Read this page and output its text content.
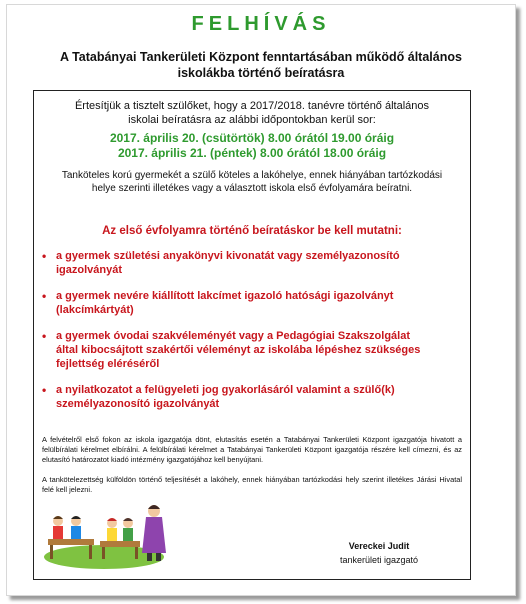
FELHÍVÁS
A Tatabányai Tankerületi Központ fenntartásában működő általános
iskolákba történő beíratásra
Értesítjük a tisztelt szülőket, hogy a 2017/2018. tanévre történő általános
iskolai beíratásra az alábbi időpontokban kerül sor:
2017. április 20. (csütörtök) 8.00 órától 19.00 óráig
2017. április 21. (péntek) 8.00 órától 18.00 óráig
Tanköteles korú gyermekét a szülő köteles a lakóhelye, ennek hiányában tartózkodási
helye szerinti illetékes vagy a választott iskola első évfolyamára beíratni.
Az első évfolyamra történő beíratáskor be kell mutatni:
• a gyermek születési anyakönyvi kivonatát vagy személyazonosító
igazolványát
• a gyermek nevére kiállított lakcímet igazoló hatósági igazolványt
(lakcímkártyát)
• a gyermek óvodai szakvéleményét vagy a Pedagógiai Szakszolgálat
által kibocsájtott szakértői véleményt az iskolába lépéshez szükséges
fejlettség eléréséről
• a nyilatkozatot a felügyeleti jog gyakorlásáról valamint a szülő(k)
személyazonosító igazolványát
A felvételről első fokon az iskola igazgatója dönt, elutasítás esetén a Tatabányai Tankerületi Központ igazgatója hivatott a felülbírálati kérelmet elbírálni. A felülbírálati kérelmet a Tatabányai Tankerületi Központ igazgatója részére kell címezni, és az elutasító határozatot kiadó intézmény igazgatójához kell benyújtani.
A tankötelezettség külföldön történő teljesítését a lakóhely, ennek hiányában tartózkodási hely szerint illetékes Járási Hivatal felé kell jelezni.
Vereckei Judit
tankerületi igazgató
